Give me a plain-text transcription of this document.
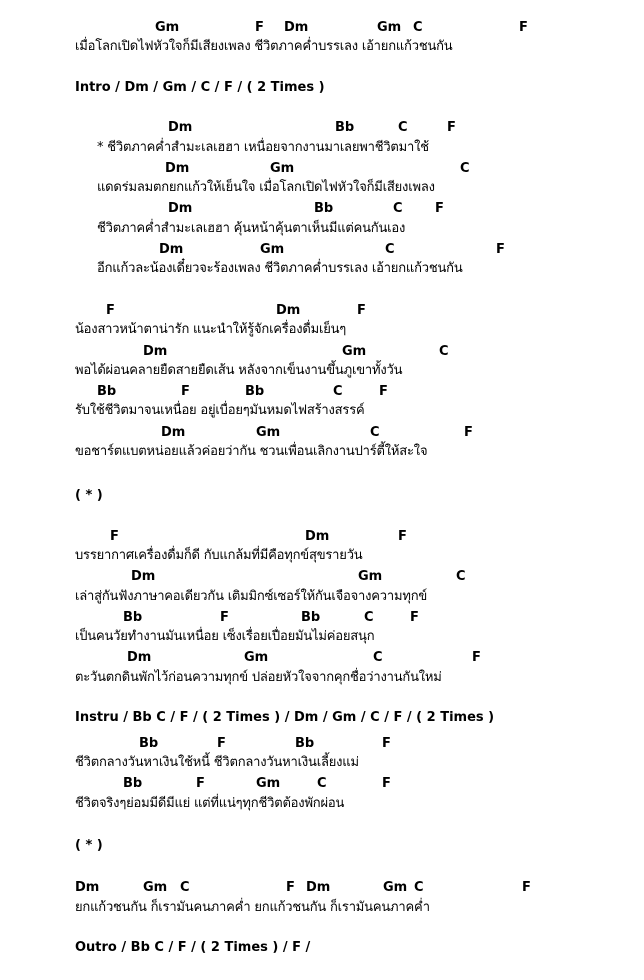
Gm	F Dm	Gm C	F
เมื่อโลกเปิดไฟหัวใจก็มีเสียงเพลง ชีวิตภาคค่ำบรรเลง เอ้ายกแก้วชนกัน
Intro / Dm / Gm / C / F / ( 2 Times )
Dm	Bb	C	F
* ชีวิตภาคค่ำสำมะเลเฮฮา เหนื่อยจากงานมาเลยพาชีวิตมาใช้
Dm	Gm	C
แดดร่มลมตกยกแก้วให้เย็นใจ เมื่อโลกเปิดไฟหัวใจก็มีเสียงเพลง
Dm	Bb	C F
ชีวิตภาคค่ำสำมะเลเฮฮา คุ้นหน้าคุ้นตาเห็นมีแต่คนกันเอง
Dm	Gm	C	F
อีกแก้วละน้องเดี๋ยวจะร้องเพลง ชีวิตภาคค่ำบรรเลง เอ้ายกแก้วชนกัน
F	Dm	F
น้องสาวหน้าตาน่ารัก แนะนำให้รู้จักเครื่องดื่มเย็นๆ
Dm	Gm	C
พอได้ผ่อนคลายยืดสายยืดเส้น หลังจากเข็นงานขึ้นภูเขาทั้งวัน
Bb	F	Bb	C	F
รับใช้ชีวิตมาจนเหนื่อย อยู่เบื่อยๆมันหมดไฟสร้างสรรค์
Dm	Gm	C	F
ขอชาร์ตแบตหน่อยแล้วค่อยว่ากัน ชวนเพื่อนเลิกงานปาร์ตี้ให้สะใจ
( * )
F	Dm	F
บรรยากาศเครื่องดื่มก็ดี กับแกล้มที่มีคือทุกข์สุขรายวัน
Dm	Gm	C
เล่าสู่กันฟังภาษาคอเดียวกัน เติมมิกซ์เซอร์ให้กันเจือจางความทุกข์
Bb	F	Bb	C	F
เป็นคนวัยทำงานมันเหนื่อย เซ็งเรื่อยเปื่อยมันไม่ค่อยสนุก
Dm	Gm	C	F
ตะวันตกดินพักไว้ก่อนความทุกข์ ปล่อยหัวใจจากคุกชื่อว่างานกันใหม่
Instru / Bb C / F / ( 2 Times ) / Dm / Gm / C / F / ( 2 Times )
Bb	F	Bb	F
ชีวิตกลางวันหาเงินใช้หนี้ ชีวิตกลางวันหาเงินเลี้ยงแม่
Bb	F	Gm	C	F
ชีวิตจริงๆย่อมมีดีมีแย่ แต่ที่แน่ๆทุกชีวิตต้องพักผ่อน
( * )
Dm	Gm C	F Dm	Gm C	F
ยกแก้วชนกัน ก็เรามันคนภาคค่ำ ยกแก้วชนกัน ก็เรามันคนภาคค่ำ
Outro / Bb C / F / ( 2 Times ) / F /
